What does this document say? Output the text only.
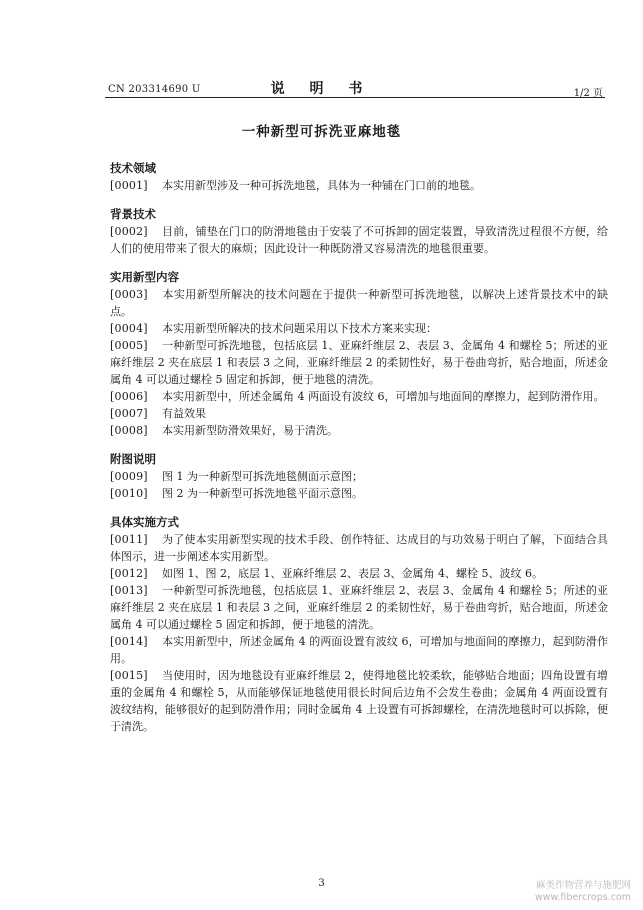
CN 203314690 U	说 明 书	1/2 页
一种新型可拆洗亚麻地毯
技术领域
[0001] 本实用新型涉及一种可拆洗地毯，具体为一种铺在门口前的地毯。
背景技术
[0002] 目前，铺垫在门口的防滑地毯由于安装了不可拆卸的固定装置，导致清洗过程很不方便，给人们的使用带来了很大的麻烦；因此设计一种既防滑又容易清洗的地毯很重要。
实用新型内容
[0003] 本实用新型所解决的技术问题在于提供一种新型可拆洗地毯，以解决上述背景技术中的缺点。
[0004] 本实用新型所解决的技术问题采用以下技术方案来实现：
[0005] 一种新型可拆洗地毯，包括底层 1、亚麻纤维层 2、表层 3、金属角 4 和螺栓 5；所述的亚麻纤维层 2 夹在底层 1 和表层 3 之间，亚麻纤维层 2 的柔韧性好，易于卷曲弯折，贴合地面，所述金属角 4 可以通过螺栓 5 固定和拆卸，便于地毯的清洗。
[0006] 本实用新型中，所述金属角 4 两面设有波纹 6，可增加与地面间的摩擦力，起到防滑作用。
[0007] 有益效果
[0008] 本实用新型防滑效果好，易于清洗。
附图说明
[0009] 图 1 为一种新型可拆洗地毯侧面示意图；
[0010] 图 2 为一种新型可拆洗地毯平面示意图。
具体实施方式
[0011] 为了使本实用新型实现的技术手段、创作特征、达成目的与功效易于明白了解，下面结合具体图示，进一步阐述本实用新型。
[0012] 如图 1、图 2，底层 1、亚麻纤维层 2、表层 3、金属角 4、螺栓 5、波纹 6。
[0013] 一种新型可拆洗地毯，包括底层 1、亚麻纤维层 2、表层 3、金属角 4 和螺栓 5；所述的亚麻纤维层 2 夹在底层 1 和表层 3 之间，亚麻纤维层 2 的柔韧性好，易于卷曲弯折，贴合地面，所述金属角 4 可以通过螺栓 5 固定和拆卸，便于地毯的清洗。
[0014] 本实用新型中，所述金属角 4 的两面设置有波纹 6，可增加与地面间的摩擦力，起到防滑作用。
[0015] 当使用时，因为地毯设有亚麻纤维层 2，使得地毯比较柔软，能够贴合地面；四角设置有增重的金属角 4 和螺栓 5，从而能够保证地毯使用很长时间后边角不会发生卷曲；金属角 4 两面设置有波纹结构，能够很好的起到防滑作用；同时金属角 4 上设置有可拆卸螺栓，在清洗地毯时可以拆除，便于清洗。
3	麻类作物营养与施肥网
www.fibercrops.com
